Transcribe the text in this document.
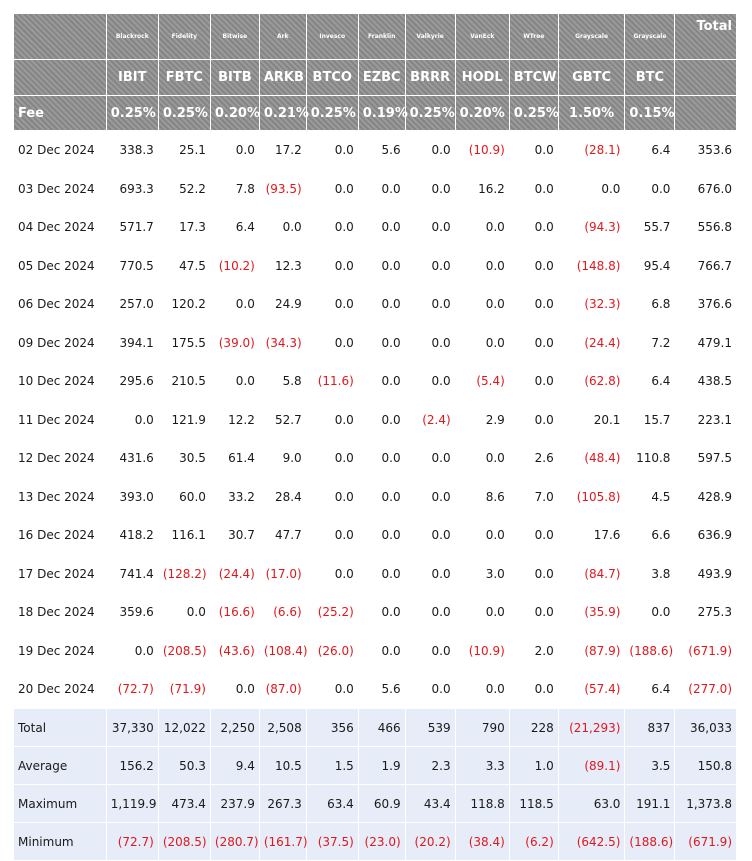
	Blackrock	Fidelity	Bitwise	Ark	Invesco	Franklin	Valkyrie	VanEck	WTree	Grayscale	Grayscale	Total
	IBIT	FBTC	BITB	ARKB	BTCO	EZBC	BRRR	HODL	BTCW	GBTC	BTC	
Fee	0.25%	0.25%	0.20%	0.21%	0.25%	0.19%	0.25%	0.20%	0.25%	1.50%	0.15%	
02 Dec 2024	338.3	25.1	0.0	17.2	0.0	5.6	0.0	(10.9)	0.0	(28.1)	6.4	353.6
03 Dec 2024	693.3	52.2	7.8	(93.5)	0.0	0.0	0.0	16.2	0.0	0.0	0.0	676.0
04 Dec 2024	571.7	17.3	6.4	0.0	0.0	0.0	0.0	0.0	0.0	(94.3)	55.7	556.8
05 Dec 2024	770.5	47.5	(10.2)	12.3	0.0	0.0	0.0	0.0	0.0	(148.8)	95.4	766.7
06 Dec 2024	257.0	120.2	0.0	24.9	0.0	0.0	0.0	0.0	0.0	(32.3)	6.8	376.6
09 Dec 2024	394.1	175.5	(39.0)	(34.3)	0.0	0.0	0.0	0.0	0.0	(24.4)	7.2	479.1
10 Dec 2024	295.6	210.5	0.0	5.8	(11.6)	0.0	0.0	(5.4)	0.0	(62.8)	6.4	438.5
11 Dec 2024	0.0	121.9	12.2	52.7	0.0	0.0	(2.4)	2.9	0.0	20.1	15.7	223.1
12 Dec 2024	431.6	30.5	61.4	9.0	0.0	0.0	0.0	0.0	2.6	(48.4)	110.8	597.5
13 Dec 2024	393.0	60.0	33.2	28.4	0.0	0.0	0.0	8.6	7.0	(105.8)	4.5	428.9
16 Dec 2024	418.2	116.1	30.7	47.7	0.0	0.0	0.0	0.0	0.0	17.6	6.6	636.9
17 Dec 2024	741.4	(128.2)	(24.4)	(17.0)	0.0	0.0	0.0	3.0	0.0	(84.7)	3.8	493.9
18 Dec 2024	359.6	0.0	(16.6)	(6.6)	(25.2)	0.0	0.0	0.0	0.0	(35.9)	0.0	275.3
19 Dec 2024	0.0	(208.5)	(43.6)	(108.4)	(26.0)	0.0	0.0	(10.9)	2.0	(87.9)	(188.6)	(671.9)
20 Dec 2024	(72.7)	(71.9)	0.0	(87.0)	0.0	5.6	0.0	0.0	0.0	(57.4)	6.4	(277.0)
Total	37,330	12,022	2,250	2,508	356	466	539	790	228	(21,293)	837	36,033
Average	156.2	50.3	9.4	10.5	1.5	1.9	2.3	3.3	1.0	(89.1)	3.5	150.8
Maximum	1,119.9	473.4	237.9	267.3	63.4	60.9	43.4	118.8	118.5	63.0	191.1	1,373.8
Minimum	(72.7)	(208.5)	(280.7)	(161.7)	(37.5)	(23.0)	(20.2)	(38.4)	(6.2)	(642.5)	(188.6)	(671.9)
